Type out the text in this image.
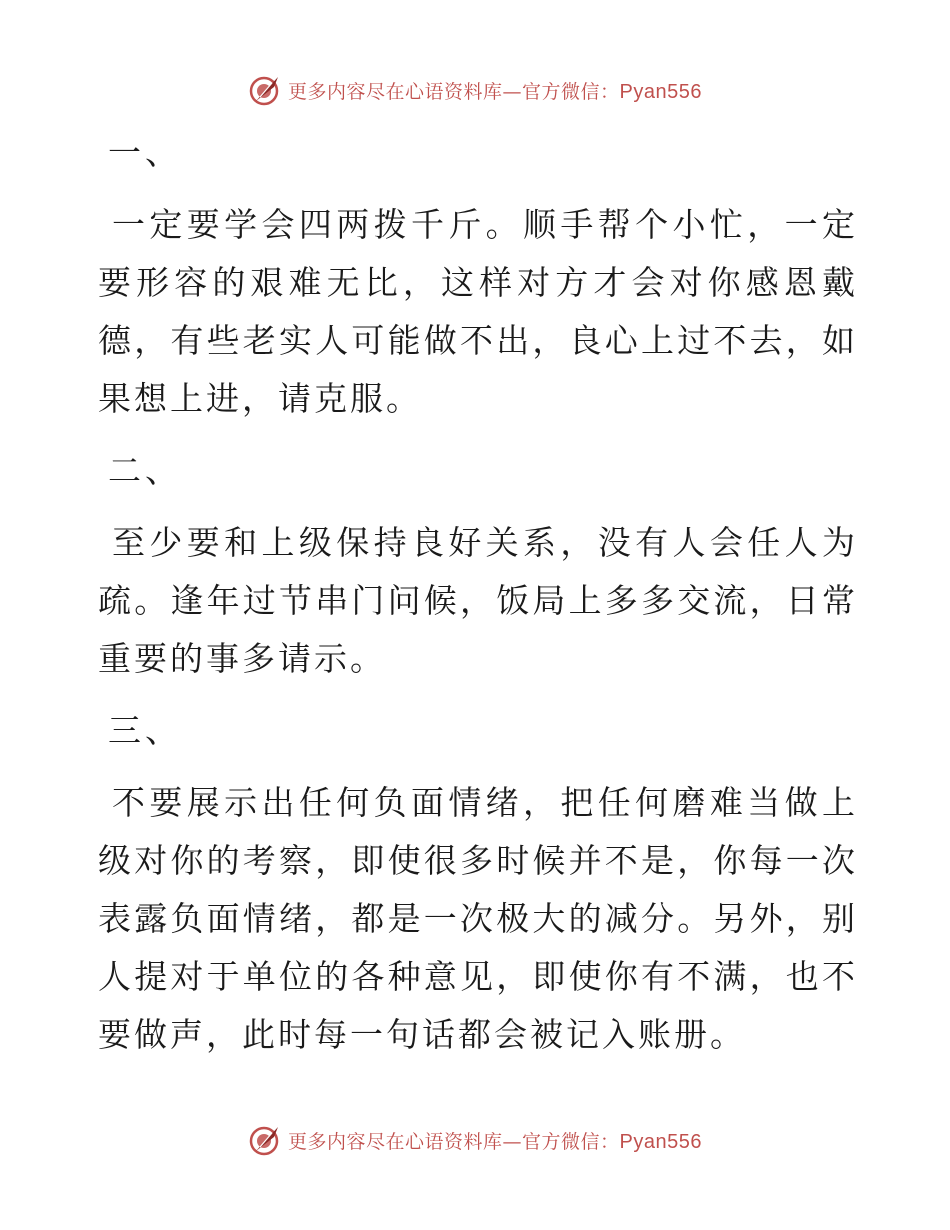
更多内容尽在心语资料库—官方微信：Pyan556

一、

一定要学会四两拨千斤。顺手帮个小忙，一定要形容的艰难无比，这样对方才会对你感恩戴德，有些老实人可能做不出，良心上过不去，如果想上进，请克服。

二、

至少要和上级保持良好关系，没有人会任人为疏。逢年过节串门问候，饭局上多多交流，日常重要的事多请示。

三、

不要展示出任何负面情绪，把任何磨难当做上级对你的考察，即使很多时候并不是，你每一次表露负面情绪，都是一次极大的减分。另外，别人提对于单位的各种意见，即使你有不满，也不要做声，此时每一句话都会被记入账册。

更多内容尽在心语资料库—官方微信：Pyan556
